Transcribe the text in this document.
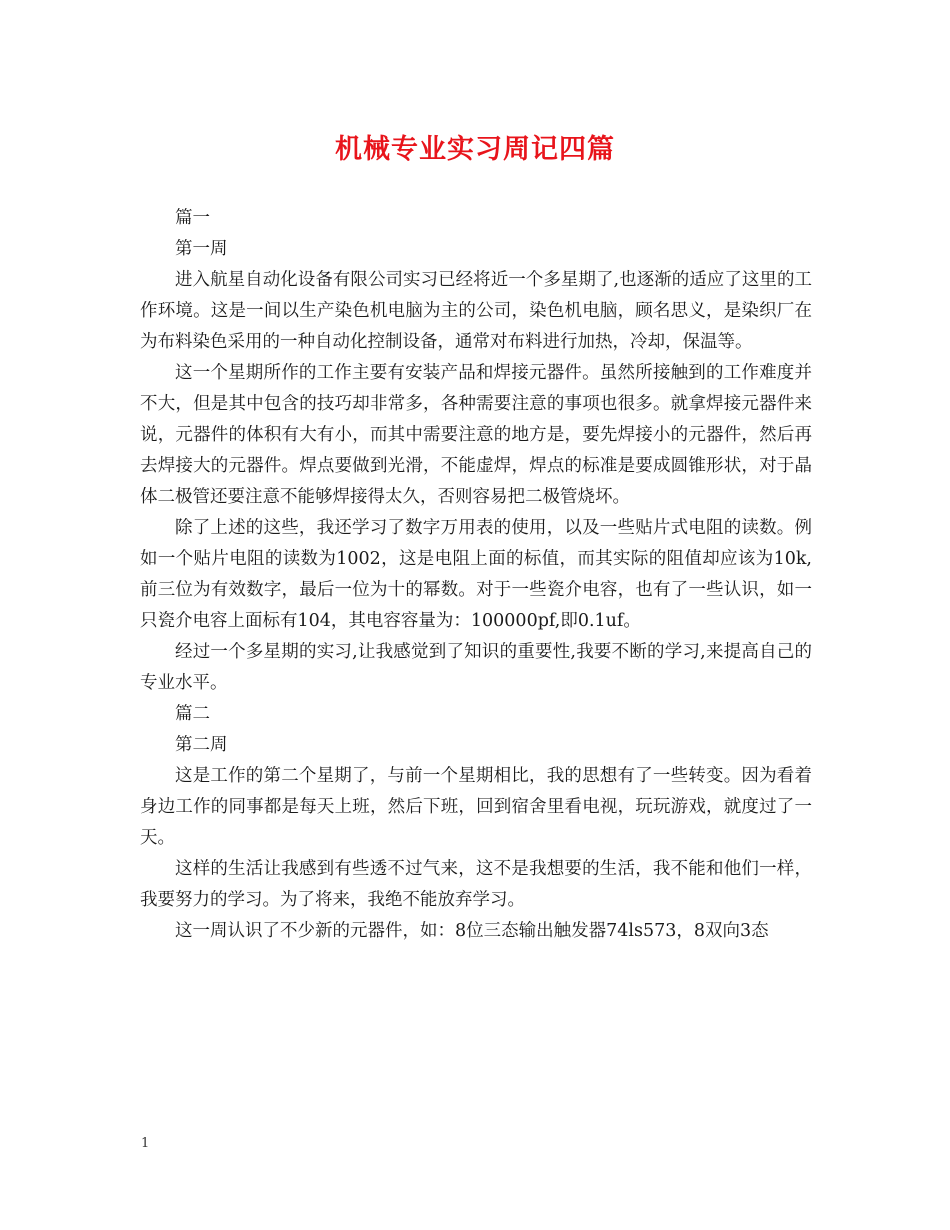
机械专业实习周记四篇

篇一

第一周

进入航星自动化设备有限公司实习已经将近一个多星期了,也逐渐的适应了这里的工作环境。这是一间以生产染色机电脑为主的公司，染色机电脑，顾名思义，是染织厂在为布料染色采用的一种自动化控制设备，通常对布料进行加热，冷却，保温等。

这一个星期所作的工作主要有安装产品和焊接元器件。虽然所接触到的工作难度并不大，但是其中包含的技巧却非常多，各种需要注意的事项也很多。就拿焊接元器件来说，元器件的体积有大有小，而其中需要注意的地方是，要先焊接小的元器件，然后再去焊接大的元器件。焊点要做到光滑，不能虚焊，焊点的标准是要成圆锥形状，对于晶体二极管还要注意不能够焊接得太久，否则容易把二极管烧坏。

除了上述的这些，我还学习了数字万用表的使用，以及一些贴片式电阻的读数。例如一个贴片电阻的读数为1002，这是电阻上面的标值，而其实际的阻值却应该为10k,前三位为有效数字，最后一位为十的幂数。对于一些瓷介电容，也有了一些认识，如一只瓷介电容上面标有104，其电容容量为：100000pf,即0.1uf。

经过一个多星期的实习,让我感觉到了知识的重要性,我要不断的学习,来提高自己的专业水平。

篇二

第二周

这是工作的第二个星期了，与前一个星期相比，我的思想有了一些转变。因为看着身边工作的同事都是每天上班，然后下班，回到宿舍里看电视，玩玩游戏，就度过了一天。

这样的生活让我感到有些透不过气来，这不是我想要的生活，我不能和他们一样，我要努力的学习。为了将来，我绝不能放弃学习。

这一周认识了不少新的元器件，如：8位三态输出触发器74ls573，8双向3态

1
